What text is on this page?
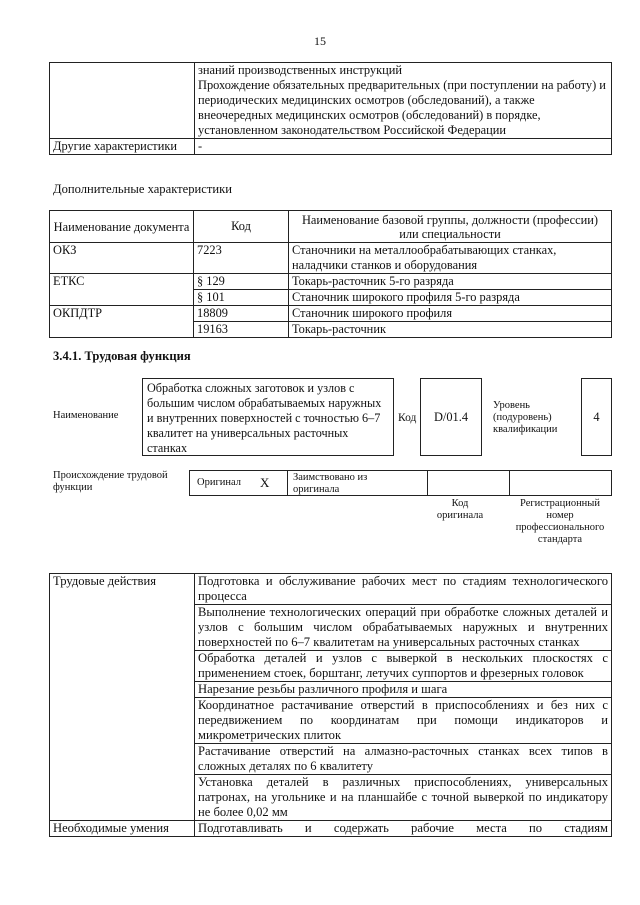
15

	знаний производственных инструкций
Прохождение обязательных предварительных (при поступлении на работу) и периодических медицинских осмотров (обследований), а также внеочередных медицинских осмотров (обследований) в порядке, установленном законодательством Российской Федерации

Другие характеристики	-
Дополнительные характеристики
Наименование документа	Код	Наименование базовой группы, должности (профессии) или специальности
ОКЗ	7223	Станочники на металлообрабатывающих станках, наладчики станков и оборудования
ЕТКС	§ 129	Токарь-расточник 5-го разряда
	§ 101	Станочник широкого профиля 5-го разряда
ОКПДТР	18809	Станочник широкого профиля
	19163	Токарь-расточник
3.4.1. Трудовая функция
Наименование
Обработка сложных заготовок и узлов с большим числом обрабатываемых наружных и внутренних поверхностей с точностью 6–7 квалитет на универсальных расточных станках
Код D/01.4
Уровень (подуровень) квалификации
4
Происхождение трудовой функции	Оригинал X Заимствовано из оригинала
Код оригинала
Регистрационный номер профессионального стандарта
Трудовые действия	Подготовка и обслуживание рабочих мест по стадиям технологического процесса
	Выполнение технологических операций при обработке сложных деталей и узлов с большим числом обрабатываемых наружных и внутренних поверхностей по 6–7 квалитетам на универсальных расточных станках
	Обработка деталей и узлов с выверкой в нескольких плоскостях с применением стоек, борштанг, летучих суппортов и фрезерных головок
	Нарезание резьбы различного профиля и шага
	Координатное растачивание отверстий в приспособлениях и без них с передвижением по координатам при помощи индикаторов и микрометрических плиток
	Растачивание отверстий на алмазно-расточных станках всех типов в сложных деталях по 6 квалитету
	Установка деталей в различных приспособлениях, универсальных патронах, на угольнике и на планшайбе с точной выверкой по индикатору не более 0,02 мм
Необходимые умения	Подготавливать и содержать рабочие места по стадиям
